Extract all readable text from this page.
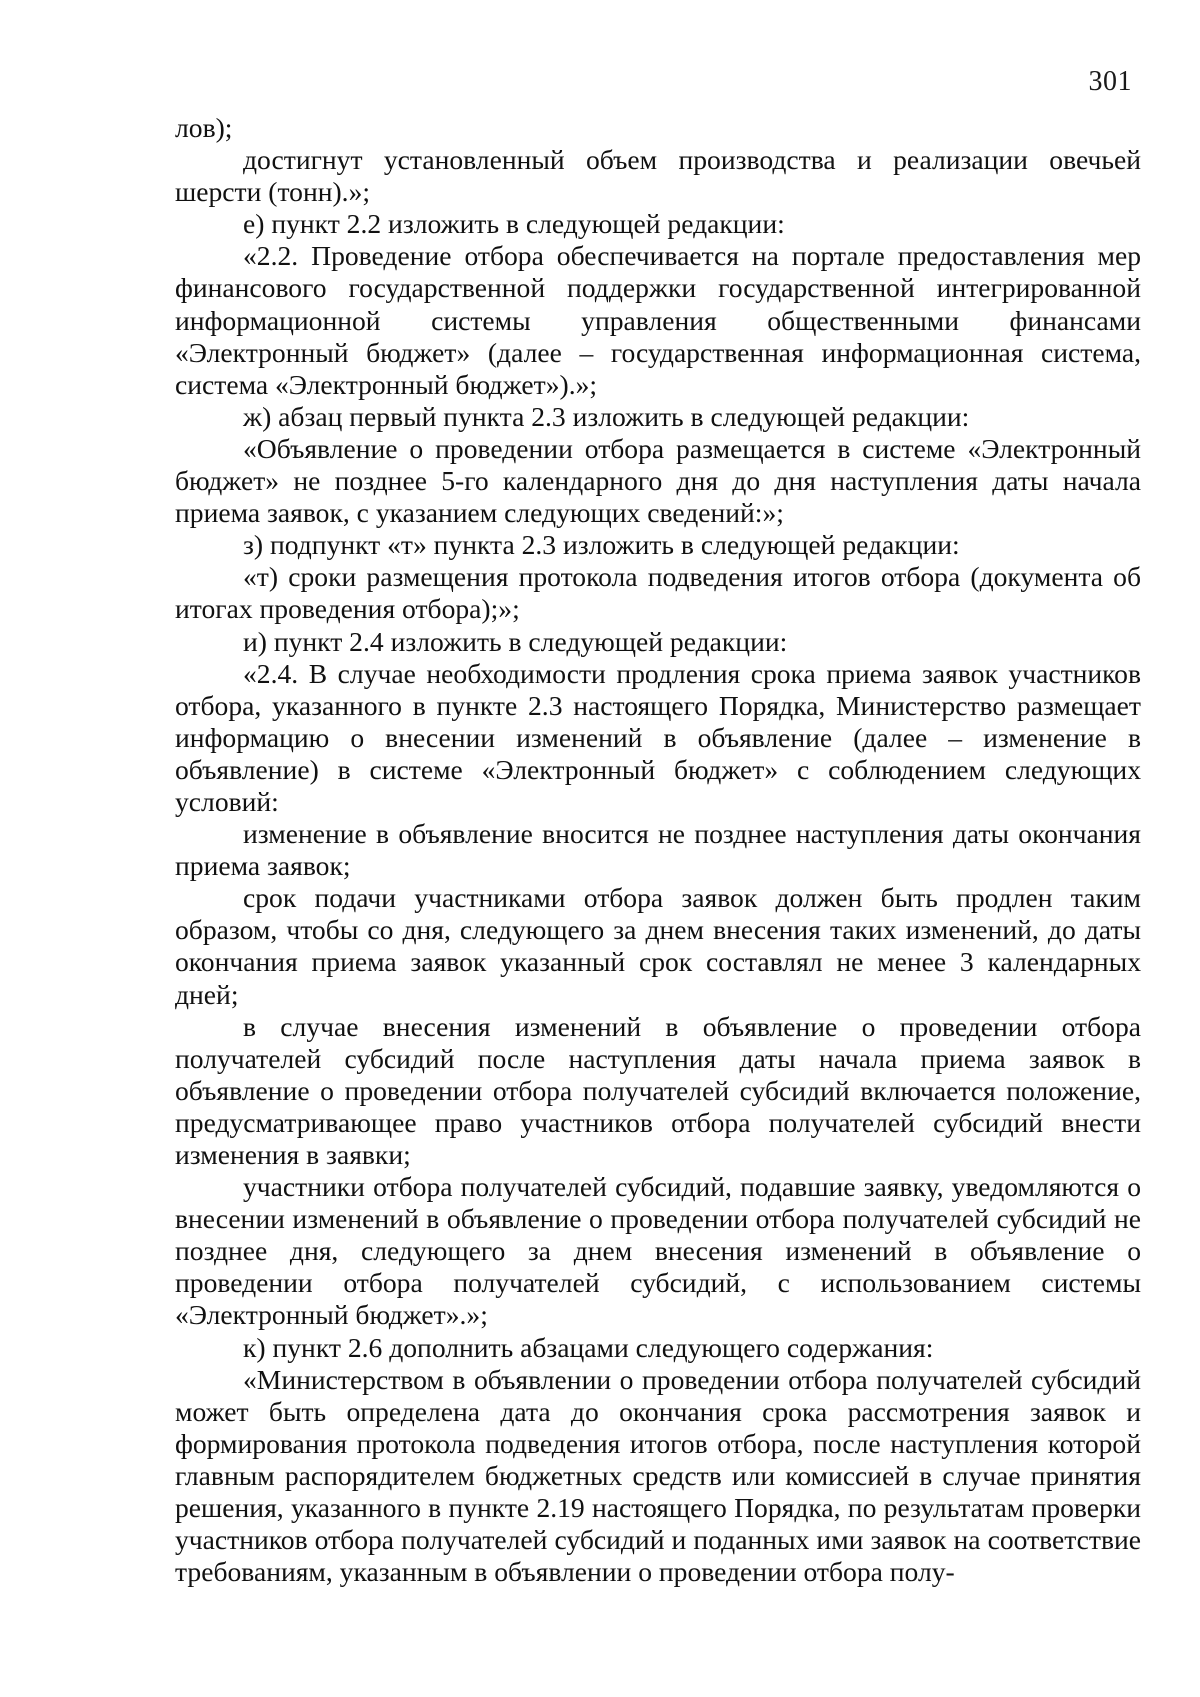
301

лов);

достигнут установленный объем производства и реализации овечьей шерсти (тонн).»;

е) пункт 2.2 изложить в следующей редакции:

«2.2. Проведение отбора обеспечивается на портале предоставления мер финансового государственной поддержки государственной интегрированной информационной системы управления общественными финансами «Электронный бюджет» (далее – государственная информационная система, система «Электронный бюджет»).»;

ж) абзац первый пункта 2.3 изложить в следующей редакции:

«Объявление о проведении отбора размещается в системе «Электронный бюджет» не позднее 5-го календарного дня до дня наступления даты начала приема заявок, с указанием следующих сведений:»;

з) подпункт «т» пункта 2.3 изложить в следующей редакции:

«т) сроки размещения протокола подведения итогов отбора (документа об итогах проведения отбора);»;

и) пункт 2.4 изложить в следующей редакции:

«2.4. В случае необходимости продления срока приема заявок участников отбора, указанного в пункте 2.3 настоящего Порядка, Министерство размещает информацию о внесении изменений в объявление (далее – изменение в объявление) в системе «Электронный бюджет» с соблюдением следующих условий:

изменение в объявление вносится не позднее наступления даты окончания приема заявок;

срок подачи участниками отбора заявок должен быть продлен таким образом, чтобы со дня, следующего за днем внесения таких изменений, до даты окончания приема заявок указанный срок составлял не менее 3 календарных дней;

в случае внесения изменений в объявление о проведении отбора получателей субсидий после наступления даты начала приема заявок в объявление о проведении отбора получателей субсидий включается положение, предусматривающее право участников отбора получателей субсидий внести изменения в заявки;

участники отбора получателей субсидий, подавшие заявку, уведомляются о внесении изменений в объявление о проведении отбора получателей субсидий не позднее дня, следующего за днем внесения изменений в объявление о проведении отбора получателей субсидий, с использованием системы «Электронный бюджет».»;

к) пункт 2.6 дополнить абзацами следующего содержания:

«Министерством в объявлении о проведении отбора получателей субсидий может быть определена дата до окончания срока рассмотрения заявок и формирования протокола подведения итогов отбора, после наступления которой главным распорядителем бюджетных средств или комиссией в случае принятия решения, указанного в пункте 2.19 настоящего Порядка, по результатам проверки участников отбора получателей субсидий и поданных ими заявок на соответствие требованиям, указанным в объявлении о проведении отбора полу-
